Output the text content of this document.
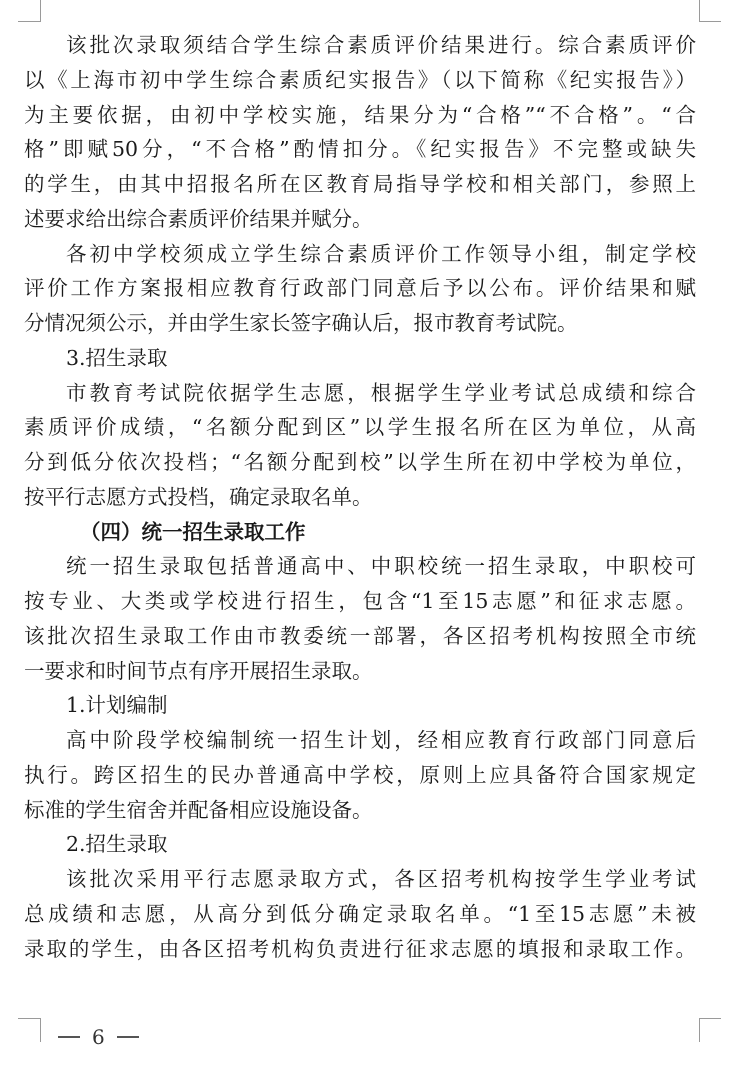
该批次录取须结合学生综合素质评价结果进行。综合素质评价
以《上海市初中学生综合素质纪实报告》（以下简称《纪实报告》）
为主要依据，由初中学校实施，结果分为“合格”“不合格”。“合
格”即赋50分，“不合格”酌情扣分。《纪实报告》不完整或缺失
的学生，由其中招报名所在区教育局指导学校和相关部门，参照上
述要求给出综合素质评价结果并赋分。
各初中学校须成立学生综合素质评价工作领导小组，制定学校
评价工作方案报相应教育行政部门同意后予以公布。评价结果和赋
分情况须公示，并由学生家长签字确认后，报市教育考试院。
3.招生录取
市教育考试院依据学生志愿，根据学生学业考试总成绩和综合
素质评价成绩，“名额分配到区”以学生报名所在区为单位，从高
分到低分依次投档；“名额分配到校”以学生所在初中学校为单位，
按平行志愿方式投档，确定录取名单。
（四）统一招生录取工作
统一招生录取包括普通高中、中职校统一招生录取，中职校可
按专业、大类或学校进行招生，包含“1至15志愿”和征求志愿。
该批次招生录取工作由市教委统一部署，各区招考机构按照全市统
一要求和时间节点有序开展招生录取。
1.计划编制
高中阶段学校编制统一招生计划，经相应教育行政部门同意后
执行。跨区招生的民办普通高中学校，原则上应具备符合国家规定
标准的学生宿舍并配备相应设施设备。
2.招生录取
该批次采用平行志愿录取方式，各区招考机构按学生学业考试
总成绩和志愿，从高分到低分确定录取名单。“1至15志愿”未被
录取的学生，由各区招考机构负责进行征求志愿的填报和录取工作。
6
